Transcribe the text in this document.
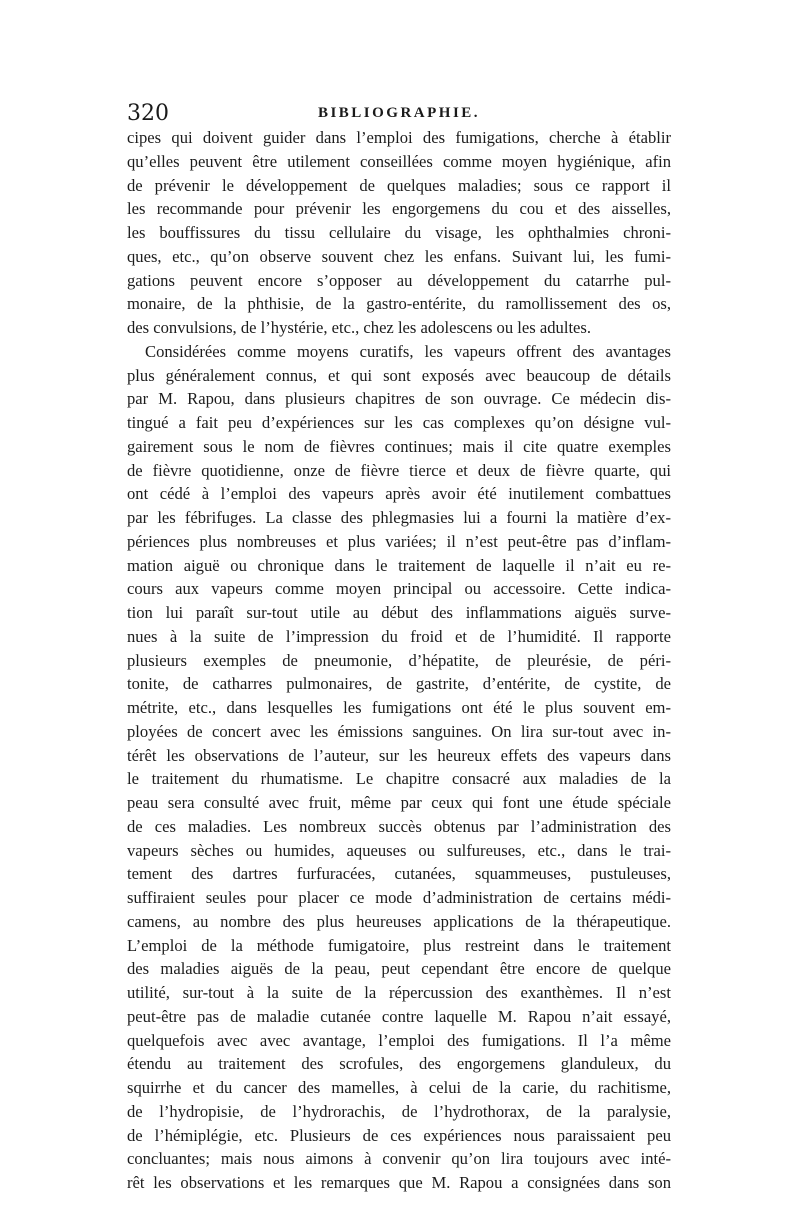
320	BIBLIOGRAPHIE.
cipes qui doivent guider dans l’emploi des fumigations, cherche à établir
qu’elles peuvent être utilement conseillées comme moyen hygiénique, afin
de prévenir le développement de quelques maladies; sous ce rapport il
les recommande pour prévenir les engorgemens du cou et des aisselles,
les bouffissures du tissu cellulaire du visage, les ophthalmies chroni-
ques, etc., qu’on observe souvent chez les enfans. Suivant lui, les fumi-
gations peuvent encore s’opposer au développement du catarrhe pul-
monaire, de la phthisie, de la gastro-entérite, du ramollissement des os,
des convulsions, de l’hystérie, etc., chez les adolescens ou les adultes.
Considérées comme moyens curatifs, les vapeurs offrent des avantages
plus généralement connus, et qui sont exposés avec beaucoup de détails
par M. Rapou, dans plusieurs chapitres de son ouvrage. Ce médecin dis-
tingué a fait peu d’expériences sur les cas complexes qu’on désigne vul-
gairement sous le nom de fièvres continues; mais il cite quatre exemples
de fièvre quotidienne, onze de fièvre tierce et deux de fièvre quarte, qui
ont cédé à l’emploi des vapeurs après avoir été inutilement combattues
par les fébrifuges. La classe des phlegmasies lui a fourni la matière d’ex-
périences plus nombreuses et plus variées; il n’est peut-être pas d’inflam-
mation aiguë ou chronique dans le traitement de laquelle il n’ait eu re-
cours aux vapeurs comme moyen principal ou accessoire. Cette indica-
tion lui paraît sur-tout utile au début des inflammations aiguës surve-
nues à la suite de l’impression du froid et de l’humidité. Il rapporte
plusieurs exemples de pneumonie, d’hépatite, de pleurésie, de péri-
tonite, de catharres pulmonaires, de gastrite, d’entérite, de cystite, de
métrite, etc., dans lesquelles les fumigations ont été le plus souvent em-
ployées de concert avec les émissions sanguines. On lira sur-tout avec in-
térêt les observations de l’auteur, sur les heureux effets des vapeurs dans
le traitement du rhumatisme. Le chapitre consacré aux maladies de la
peau sera consulté avec fruit, même par ceux qui font une étude spéciale
de ces maladies. Les nombreux succès obtenus par l’administration des
vapeurs sèches ou humides, aqueuses ou sulfureuses, etc., dans le trai-
tement des dartres furfuracées, cutanées, squammeuses, pustuleuses,
suffiraient seules pour placer ce mode d’administration de certains médi-
camens, au nombre des plus heureuses applications de la thérapeutique.
L’emploi de la méthode fumigatoire, plus restreint dans le traitement
des maladies aiguës de la peau, peut cependant être encore de quelque
utilité, sur-tout à la suite de la répercussion des exanthèmes. Il n’est
peut-être pas de maladie cutanée contre laquelle M. Rapou n’ait essayé,
quelquefois avec avec avantage, l’emploi des fumigations. Il l’a même
étendu au traitement des scrofules, des engorgemens glanduleux, du
squirrhe et du cancer des mamelles, à celui de la carie, du rachitisme,
de l’hydropisie, de l’hydrorachis, de l’hydrothorax, de la paralysie,
de l’hémiplégie, etc. Plusieurs de ces expériences nous paraissaient peu
concluantes; mais nous aimons à convenir qu’on lira toujours avec inté-
rêt les observations et les remarques que M. Rapou a consignées dans son
